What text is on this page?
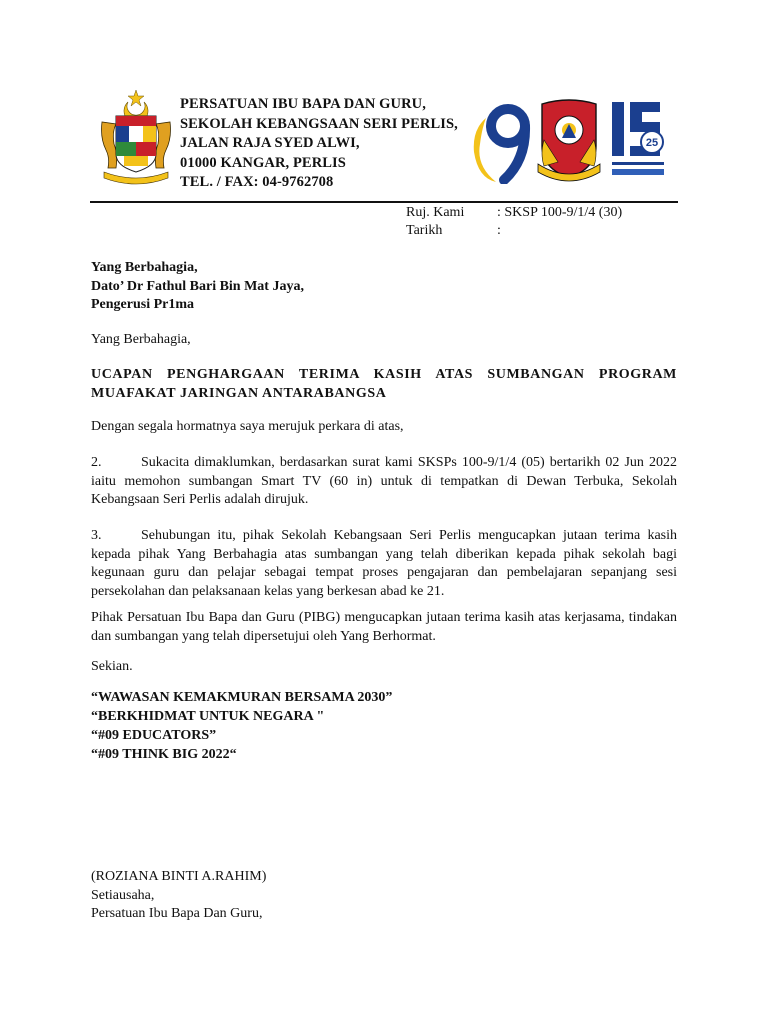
PERSATUAN IBU BAPA DAN GURU,
SEKOLAH KEBANGSAAN SERI PERLIS,
JALAN RAJA SYED ALWI,
01000 KANGAR, PERLIS
TEL. / FAX: 04-9762708
09
25
Ruj. Kami : SKSP 100-9/1/4 (30)
Tarikh	:
Yang Berbahagia,
Dato’ Dr Fathul Bari Bin Mat Jaya,
Pengerusi Pr1ma
Yang Berbahagia,
UCAPAN PENGHARGAAN TERIMA KASIH ATAS SUMBANGAN PROGRAM MUAFAKAT JARINGAN ANTARABANGSA
Dengan segala hormatnya saya merujuk perkara di atas,
2.	Sukacita dimaklumkan, berdasarkan surat kami SKSPs 100-9/1/4 (05) bertarikh 02 Jun 2022 iaitu memohon sumbangan Smart TV (60 in) untuk di tempatkan di Dewan Terbuka, Sekolah Kebangsaan Seri Perlis adalah dirujuk.
3.	Sehubungan itu, pihak Sekolah Kebangsaan Seri Perlis mengucapkan jutaan terima kasih kepada pihak Yang Berbahagia atas sumbangan yang telah diberikan kepada pihak sekolah bagi kegunaan guru dan pelajar sebagai tempat proses pengajaran dan pembelajaran sepanjang sesi persekolahan dan pelaksanaan kelas yang berkesan abad ke 21.
Pihak Persatuan Ibu Bapa dan Guru (PIBG) mengucapkan jutaan terima kasih atas kerjasama, tindakan dan sumbangan yang telah dipersetujui oleh Yang Berhormat.
Sekian.
“WAWASAN KEMAKMURAN BERSAMA 2030”
“BERKHIDMAT UNTUK NEGARA "
“#09 EDUCATORS”
“#09 THINK BIG 2022“
(ROZIANA BINTI A.RAHIM)
Setiausaha,
Persatuan Ibu Bapa Dan Guru,
